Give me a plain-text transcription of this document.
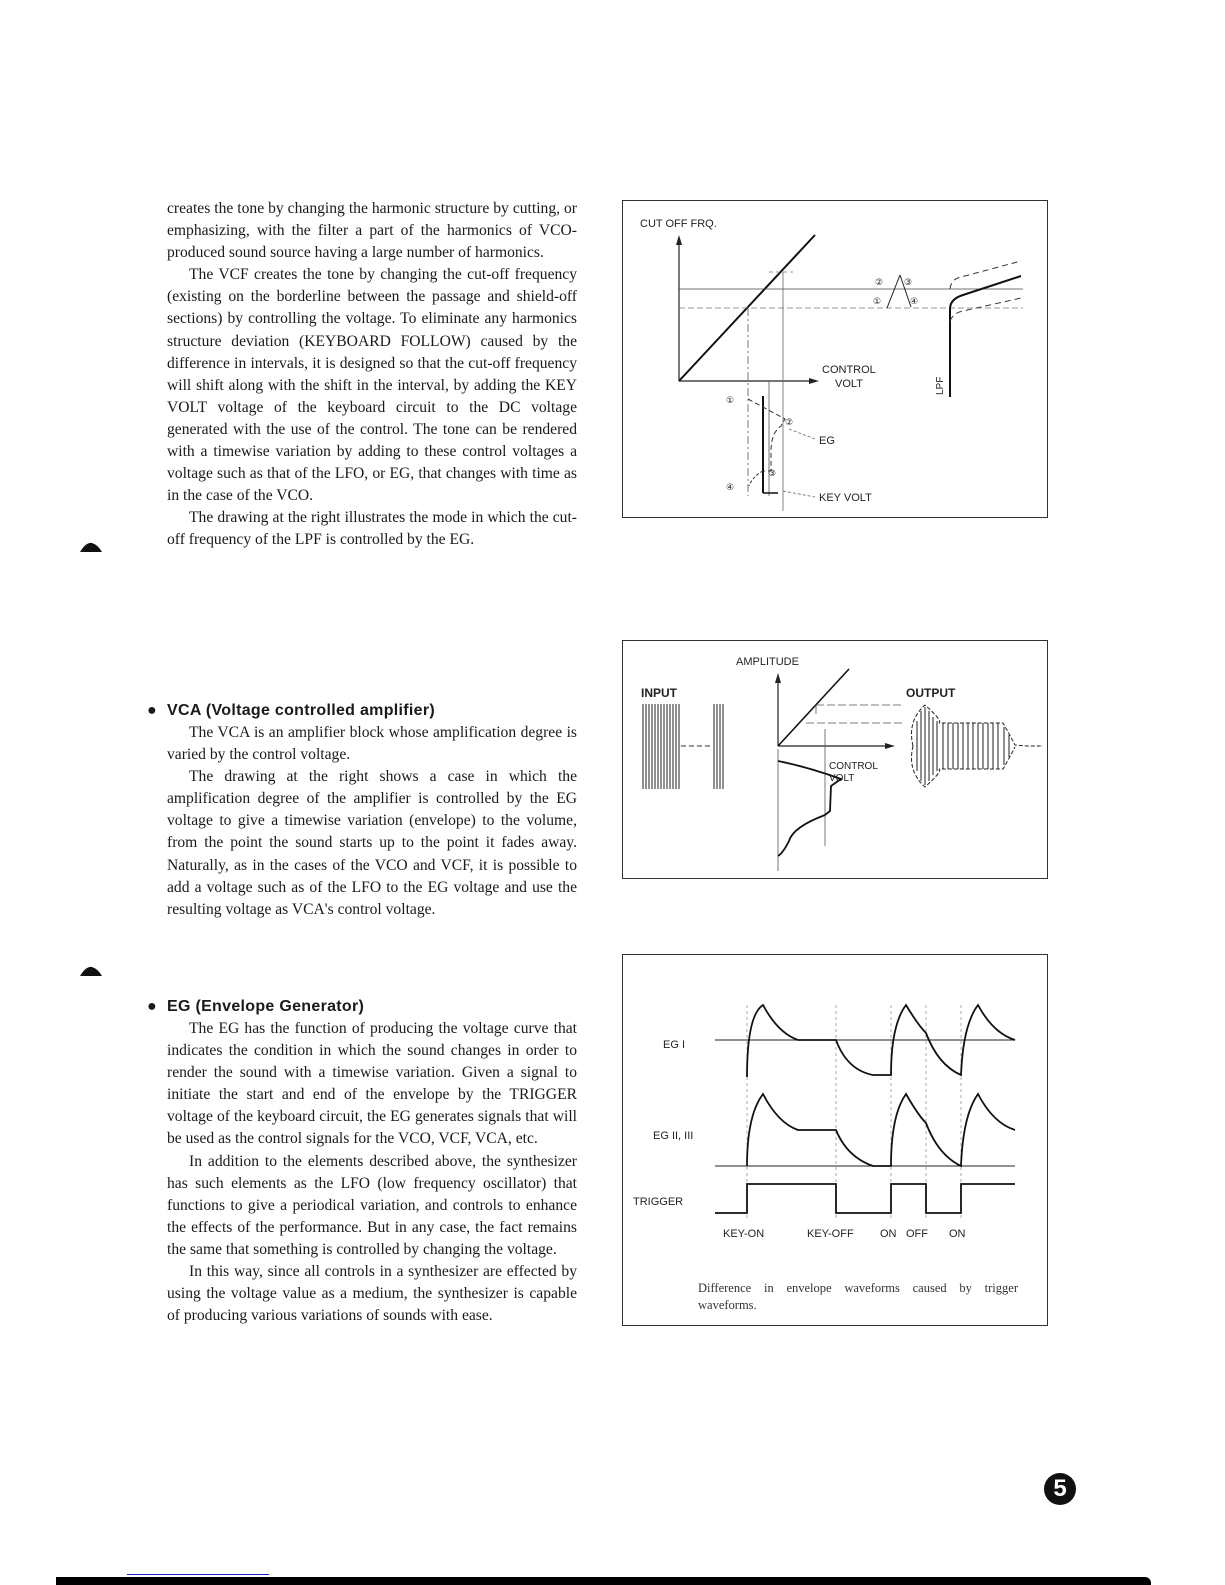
creates the tone by changing the harmonic structure by cutting, or emphasizing, with the filter a part of the harmonics of VCO-produced sound source having a large number of harmonics.

The VCF creates the tone by changing the cut-off frequency (existing on the borderline between the passage and shield-off sections) by controlling the voltage. To eliminate any harmonics structure deviation (KEYBOARD FOLLOW) caused by the difference in intervals, it is designed so that the cut-off frequency will shift along with the shift in the interval, by adding the KEY VOLT voltage of the keyboard circuit to the DC voltage generated with the use of the control. The tone can be rendered with a timewise variation by adding to these control voltages a voltage such as that of the LFO, or EG, that changes with time as in the case of the VCO.

The drawing at the right illustrates the mode in which the cut-off frequency of the LPF is controlled by the EG.

● VCA (Voltage controlled amplifier)

The VCA is an amplifier block whose amplification degree is varied by the control voltage.

The drawing at the right shows a case in which the amplification degree of the amplifier is controlled by the EG voltage to give a timewise variation (envelope) to the volume, from the point the sound starts up to the point it fades away. Naturally, as in the cases of the VCO and VCF, it is possible to add a voltage such as of the LFO to the EG voltage and use the resulting voltage as VCA's control voltage.

● EG (Envelope Generator)

The EG has the function of producing the voltage curve that indicates the condition in which the sound changes in order to render the sound with a timewise variation. Given a signal to initiate the start and end of the envelope by the TRIGGER voltage of the keyboard circuit, the EG generates signals that will be used as the control signals for the VCO, VCF, VCA, etc.

In addition to the elements described above, the synthesizer has such elements as the LFO (low frequency oscillator) that functions to give a periodical variation, and controls to enhance the effects of the performance. But in any case, the fact remains the same that something is controlled by changing the voltage.

In this way, since all controls in a synthesizer are effected by using the voltage value as a medium, the synthesizer is capable of producing various variations of sounds with ease.

CUT OFF FRQ.
CONTROL
VOLT
①
②
③
④
EG
KEY VOLT
② ③
①	④
LPF
AMPLITUDE
INPUT	OUTPUT
CONTROL
VOLT
EG I
EG II, III
TRIGGER
KEY-ON	KEY-OFF ON OFF ON
Difference in envelope waveforms caused by trigger waveforms.
5
